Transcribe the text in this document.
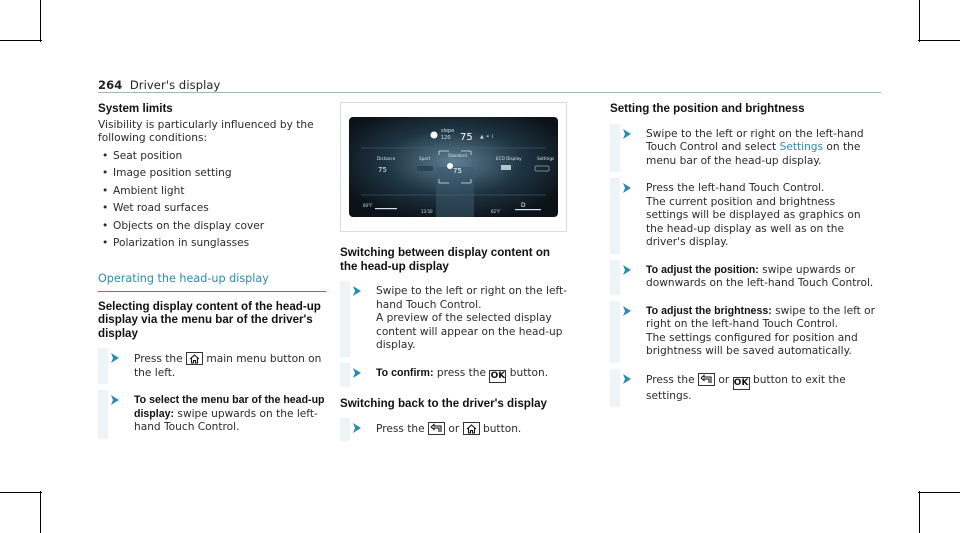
264 Driver's display
System limits

Visibility is particularly influenced by the following conditions:

• Seat position
• Image position setting
• Ambient light
• Wet road surfaces
• Objects on the display cover
• Polarization in sunglasses
Operating the head-up display
Selecting display content of the head-up display via the menu bar of the driver's display
Press the main menu button on the left.
To select the menu bar of the head-up display: swipe upwards on the left-hand Touch Control.
slope
120 75 ▲ ⚭ ⌇
Distance
75
Sport
Standard
75
ECO Display	Settings
60°F
13:50	62°F
D
Switching between display content on the head-up display
Swipe to the left or right on the left-hand Touch Control.
A preview of the selected display content will appear on the head-up display.
To confirm: press the OK button.
Switching back to the driver's display
Press the or button.
Setting the position and brightness
Swipe to the left or right on the left-hand Touch Control and select Settings on the menu bar of the head-up display.
Press the left-hand Touch Control.
The current position and brightness settings will be displayed as graphics on the head-up display as well as on the driver's display.
To adjust the position: swipe upwards or downwards on the left-hand Touch Control.
To adjust the brightness: swipe to the left or right on the left-hand Touch Control.
The settings configured for position and brightness will be saved automatically.
Press the or OK button to exit the settings.
